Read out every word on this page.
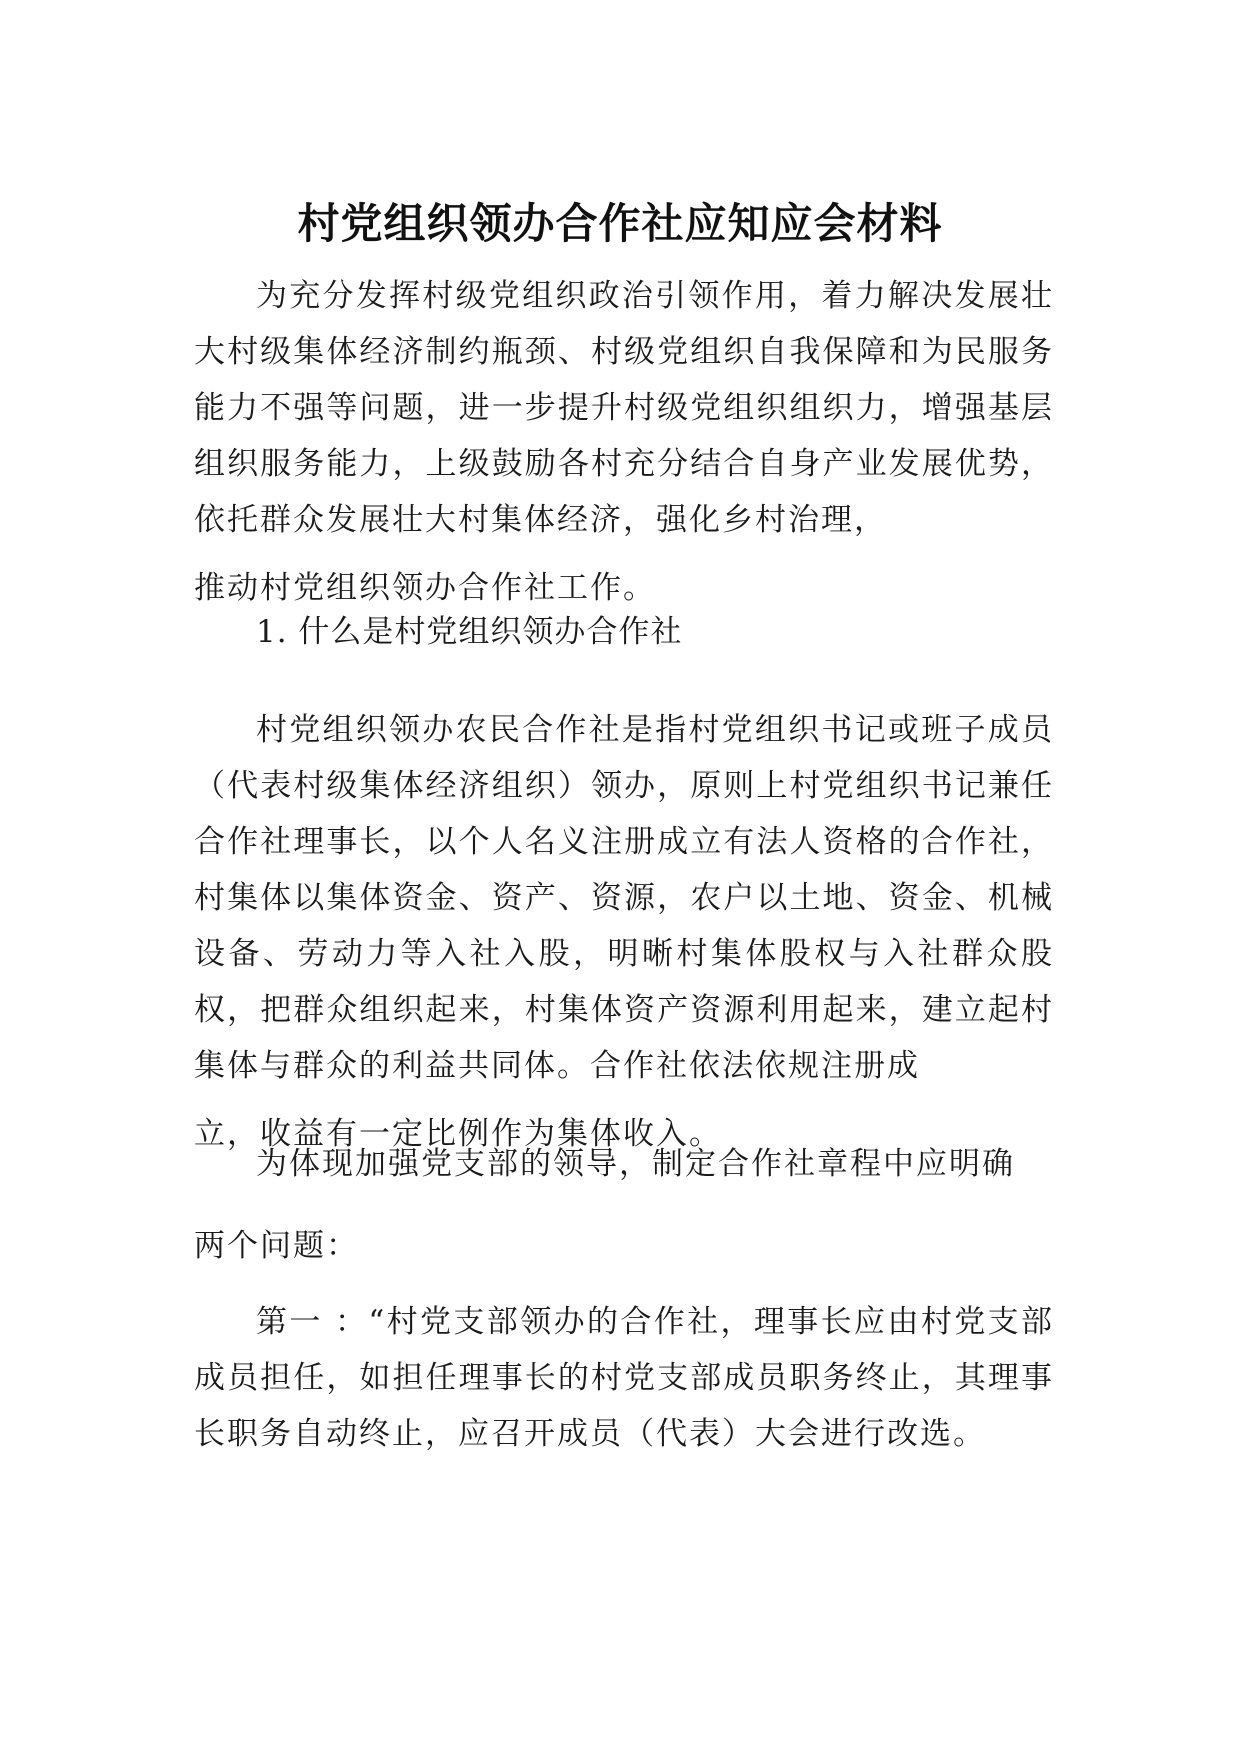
村党组织领办合作社应知应会材料

为充分发挥村级党组织政治引领作用，着力解决发展壮大村级集体经济制约瓶颈、村级党组织自我保障和为民服务能力不强等问题，进一步提升村级党组织组织力，增强基层组织服务能力，上级鼓励各村充分结合自身产业发展优势，依托群众发展壮大村集体经济，强化乡村治理，
推动村党组织领办合作社工作。

1. 什么是村党组织领办合作社

村党组织领办农民合作社是指村党组织书记或班子成员（代表村级集体经济组织）领办，原则上村党组织书记兼任合作社理事长，以个人名义注册成立有法人资格的合作社，村集体以集体资金、资产、资源，农户以土地、资金、机械设备、劳动力等入社入股，明晰村集体股权与入社群众股权，把群众组织起来，村集体资产资源利用起来，建立起村集体与群众的利益共同体。合作社依法依规注册成
立，收益有一定比例作为集体收入。

为体现加强党支部的领导，制定合作社章程中应明确
两个问题：

第一 ：“村党支部领办的合作社，理事长应由村党支部成员担任，如担任理事长的村党支部成员职务终止，其理事长职务自动终止，应召开成员（代表）大会进行改选。
